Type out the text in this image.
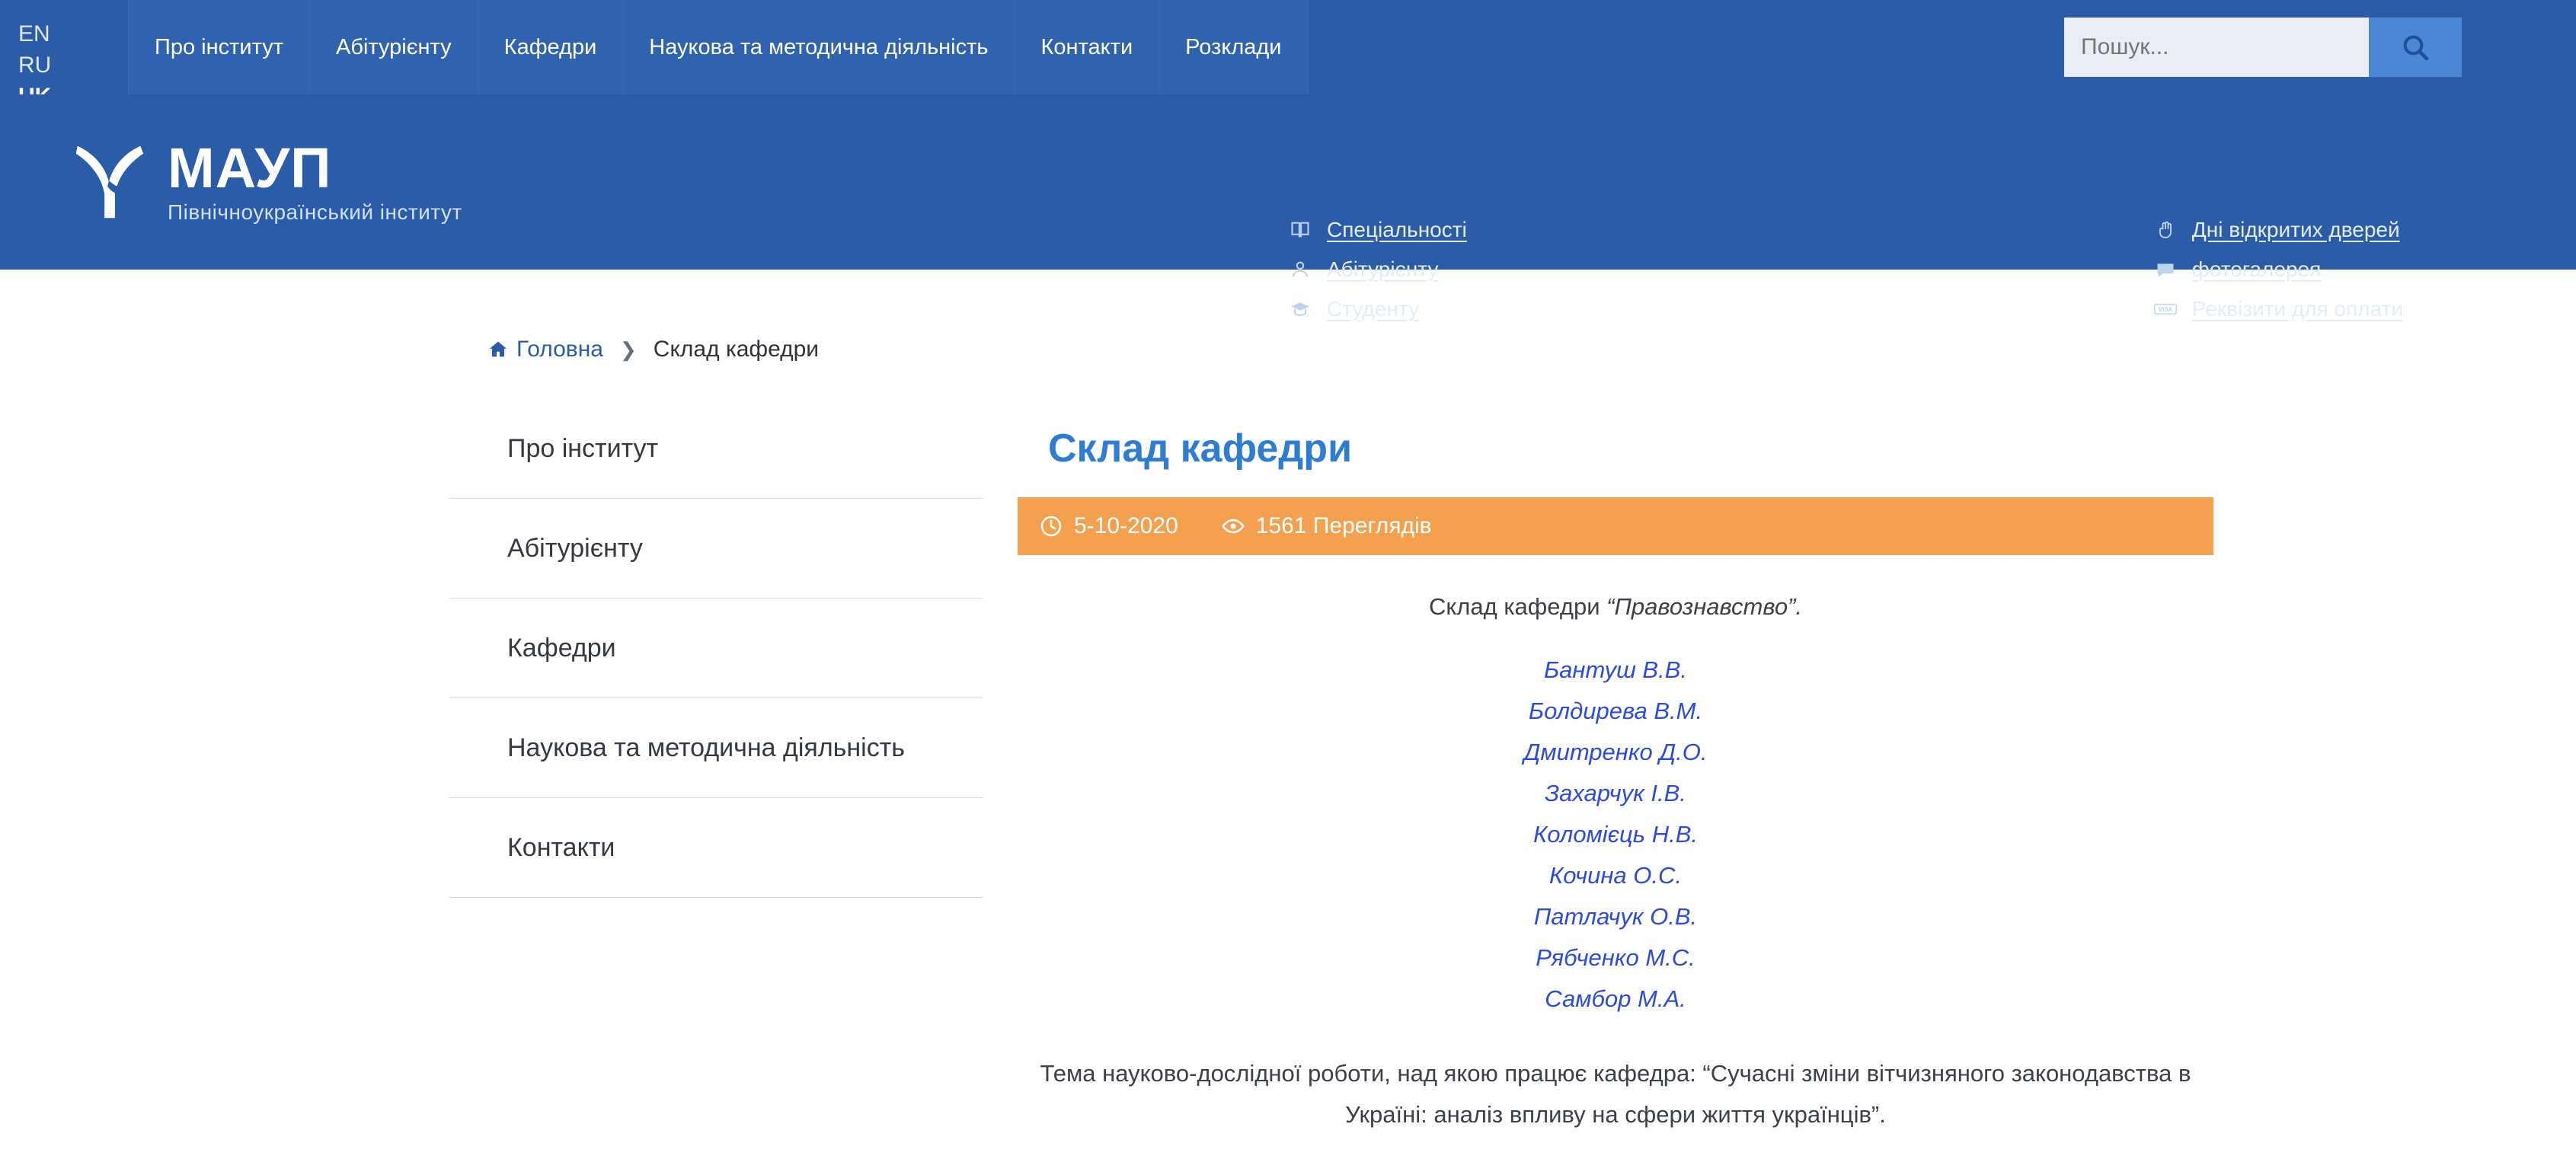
EN
RU
Про інститут	Абітурієнту	Кафедри	Наукова та методична діяльність	Контакти	Розклади
Пошук...
МАУП
Північноукраїнський інститут
Спеціальності
Абітурієнту
Студенту
Дні відкритих дверей
фотогалерея
VISA Реквізити для оплати
Головна ❯ Склад кафедри
Про інститут
Абітурієнту
Кафедри
Наукова та методична діяльність
Контакти
Склад кафедри
5-10-2020	1561 Переглядів

Склад кафедри “Правознавство”.

Бантуш В.В.
Болдирева В.М.
Дмитренко Д.О.
Захарчук І.В.
Коломієць Н.В.
Кочина О.С.
Патлачук О.В.
Рябченко М.С.
Самбор М.А.

Тема науково-дослідної роботи, над якою працює кафедра: “Сучасні зміни вітчизняного законодавства в Україні: аналіз впливу на сфери життя українців”.
